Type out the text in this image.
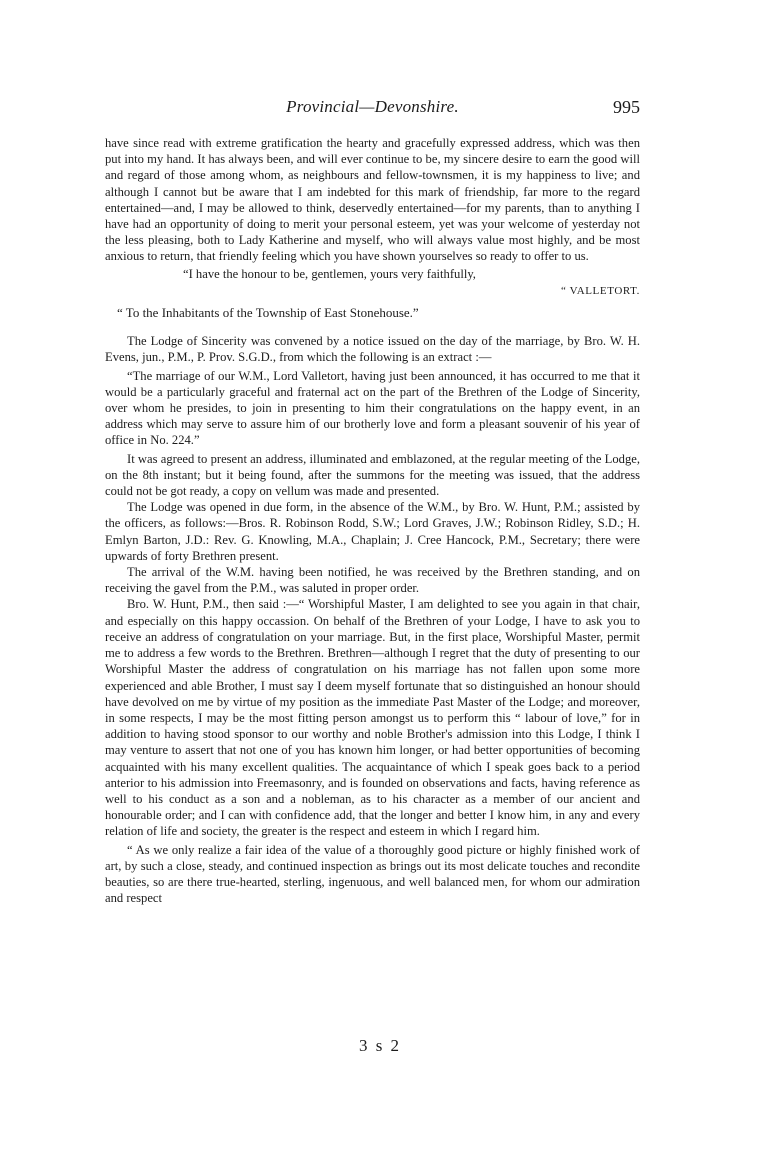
Provincial—Devonshire.	995

have since read with extreme gratification the hearty and gracefully expressed address, which was then put into my hand. It has always been, and will ever continue to be, my sincere desire to earn the good will and regard of those among whom, as neighbours and fellow-townsmen, it is my happiness to live; and although I cannot but be aware that I am indebted for this mark of friendship, far more to the regard entertained—and, I may be allowed to think, deservedly entertained—for my parents, than to anything I have had an opportunity of doing to merit your personal esteem, yet was your welcome of yesterday not the less pleasing, both to Lady Katherine and myself, who will always value most highly, and be most anxious to return, that friendly feeling which you have shown yourselves so ready to offer to us.

“I have the honour to be, gentlemen, yours very faithfully,

“ VALLETORT.

“ To the Inhabitants of the Township of East Stonehouse.”

The Lodge of Sincerity was convened by a notice issued on the day of the marriage, by Bro. W. H. Evens, jun., P.M., P. Prov. S.G.D., from which the following is an extract :—

“The marriage of our W.M., Lord Valletort, having just been announced, it has occurred to me that it would be a particularly graceful and fraternal act on the part of the Brethren of the Lodge of Sincerity, over whom he presides, to join in presenting to him their congratulations on the happy event, in an address which may serve to assure him of our brotherly love and form a pleasant souvenir of his year of office in No. 224.”

It was agreed to present an address, illuminated and emblazoned, at the regular meeting of the Lodge, on the 8th instant; but it being found, after the summons for the meeting was issued, that the address could not be got ready, a copy on vellum was made and presented.

The Lodge was opened in due form, in the absence of the W.M., by Bro. W. Hunt, P.M.; assisted by the officers, as follows:—Bros. R. Robinson Rodd, S.W.; Lord Graves, J.W.; Robinson Ridley, S.D.; H. Emlyn Barton, J.D.: Rev. G. Knowling, M.A., Chaplain; J. Cree Hancock, P.M., Secretary; there were upwards of forty Brethren present.

The arrival of the W.M. having been notified, he was received by the Brethren standing, and on receiving the gavel from the P.M., was saluted in proper order.

Bro. W. Hunt, P.M., then said :—“ Worshipful Master, I am delighted to see you again in that chair, and especially on this happy occassion. On behalf of the Brethren of your Lodge, I have to ask you to receive an address of congratulation on your marriage. But, in the first place, Worshipful Master, permit me to address a few words to the Brethren. Brethren—although I regret that the duty of presenting to our Worshipful Master the address of congratulation on his marriage has not fallen upon some more experienced and able Brother, I must say I deem myself fortunate that so distinguished an honour should have devolved on me by virtue of my position as the immediate Past Master of the Lodge; and moreover, in some respects, I may be the most fitting person amongst us to perform this “ labour of love,” for in addition to having stood sponsor to our worthy and noble Brother's admission into this Lodge, I think I may venture to assert that not one of you has known him longer, or had better opportunities of becoming acquainted with his many excellent qualities. The acquaintance of which I speak goes back to a period anterior to his admission into Freemasonry, and is founded on observations and facts, having reference as well to his conduct as a son and a nobleman, as to his character as a member of our ancient and honourable order; and I can with confidence add, that the longer and better I know him, in any and every relation of life and society, the greater is the respect and esteem in which I regard him.

“ As we only realize a fair idea of the value of a thoroughly good picture or highly finished work of art, by such a close, steady, and continued inspection as brings out its most delicate touches and recondite beauties, so are there true-hearted, sterling, ingenuous, and well balanced men, for whom our admiration and respect

3 s 2
